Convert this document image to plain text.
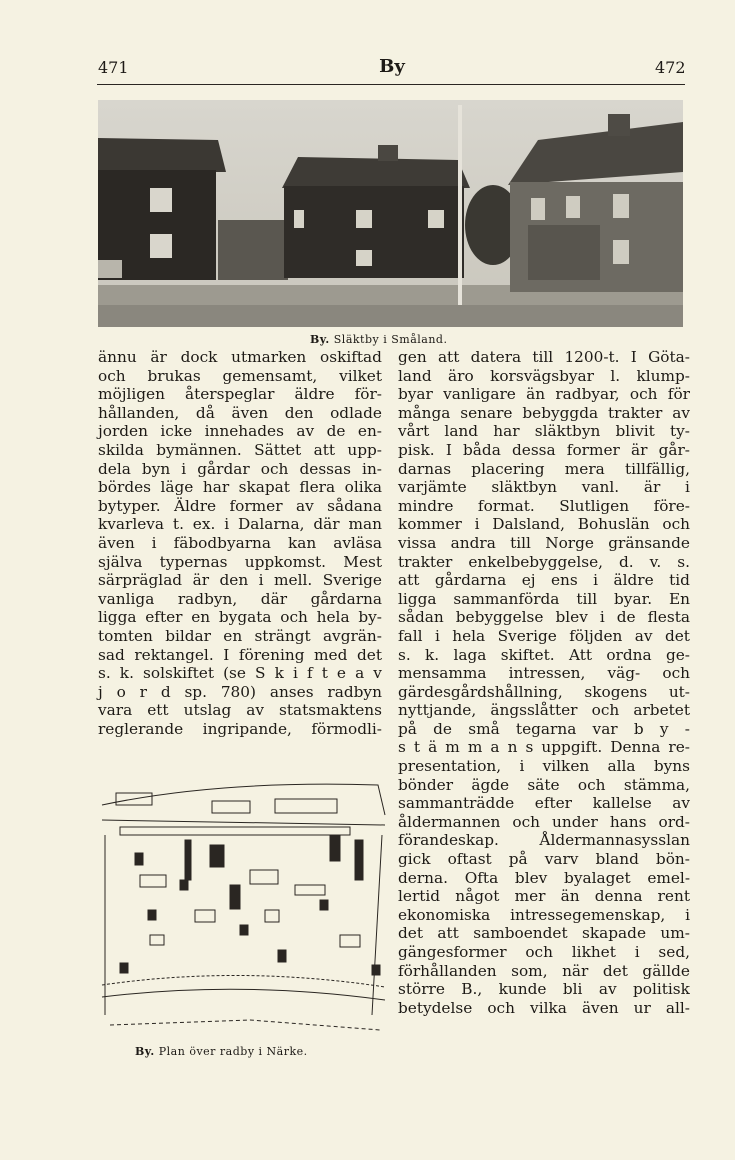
471	By	472
By. Släktby i Småland.
ännu är dock utmarken oskiftad
och brukas gemensamt, vilket
möjligen återspeglar äldre för-
hållanden, då även den odlade
jorden icke innehades av de en-
skilda bymännen. Sättet att upp-
dela byn i gårdar och dessas in-
bördes läge har skapat flera olika
bytyper. Äldre former av sådana
kvarleva t. ex. i Dalarna, där man
även i fäbodbyarna kan avläsa
själva typernas uppkomst. Mest
särpräglad är den i mell. Sverige
vanliga radbyn, där gårdarna
ligga efter en bygata och hela by-
tomten bildar en strängt avgrän-
sad rektangel. I förening med det
s. k. solskiftet (se S k i f t e a v
j o r d sp. 780) anses radbyn
vara ett utslag av statsmaktens
reglerande ingripande, förmodli-
gen att datera till 1200-t. I Göta-
land äro korsvägsbyar l. klump-
byar vanligare än radbyar, och för
många senare bebyggda trakter av
vårt land har släktbyn blivit ty-
pisk. I båda dessa former är går-
darnas placering mera tillfällig,
varjämte släktbyn vanl. är i
mindre format. Slutligen före-
kommer i Dalsland, Bohuslän och
vissa andra till Norge gränsande
trakter enkelbebyggelse, d. v. s.
att gårdarna ej ens i äldre tid
ligga sammanförda till byar. En
sådan bebyggelse blev i de flesta
fall i hela Sverige följden av det
s. k. laga skiftet. Att ordna ge-
mensamma intressen, väg- och
gärdesgårdshållning, skogens ut-
nyttjande, ängsslåtter och arbetet
på de små tegarna var b y -
s t ä m m a n s uppgift. Denna re-
presentation, i vilken alla byns
bönder ägde säte och stämma,
sammanträdde efter kallelse av
åldermannen och under hans ord-
förandeskap.	Åldermannasysslan
gick oftast på varv bland bön-
derna. Ofta blev byalaget emel-
lertid något mer än denna rent
ekonomiska intressegemenskap, i
det att samboendet skapade um-
gängesformer och likhet i sed,
förhållanden som, när det gällde
större B., kunde bli av politisk
betydelse och vilka även ur all-
By. Plan över radby i Närke.
